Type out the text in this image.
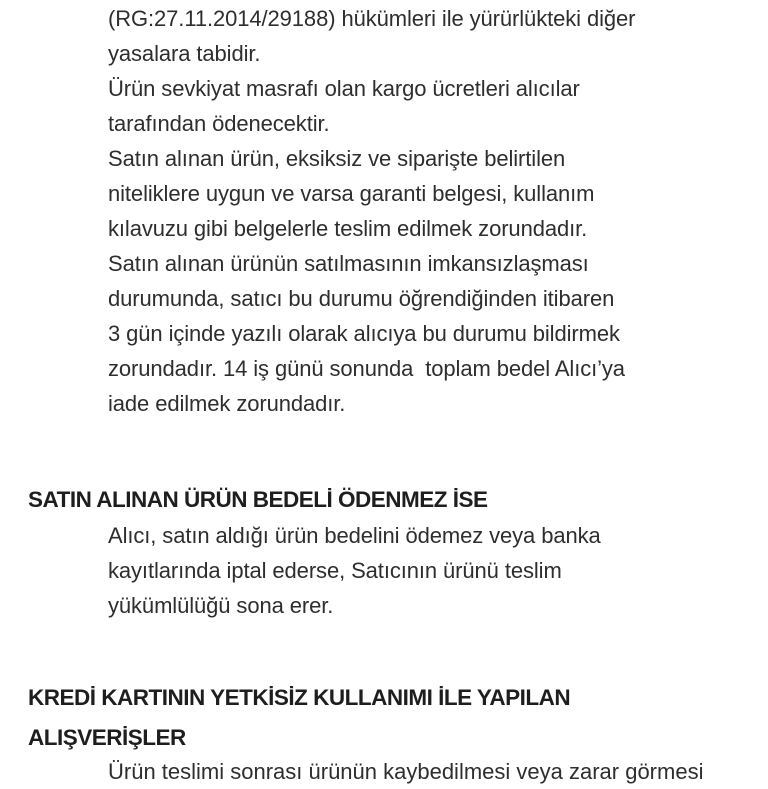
(RG:27.11.2014/29188) hükümleri ile yürürlükteki diğer
yasalara tabidir.
Ürün sevkiyat masrafı olan kargo ücretleri alıcılar
tarafından ödenecektir.
Satın alınan ürün, eksiksiz ve siparişte belirtilen
niteliklere uygun ve varsa garanti belgesi, kullanım
kılavuzu gibi belgelerle teslim edilmek zorundadır.
Satın alınan ürünün satılmasının imkansızlaşması
durumunda, satıcı bu durumu öğrendiğinden itibaren
3 gün içinde yazılı olarak alıcıya bu durumu bildirmek
zorundadır. 14 iş günü sonunda  toplam bedel Alıcı’ya
iade edilmek zorundadır.
SATIN ALINAN ÜRÜN BEDELİ ÖDENMEZ İSE
Alıcı, satın aldığı ürün bedelini ödemez veya banka
kayıtlarında iptal ederse, Satıcının ürünü teslim
yükümlülüğü sona erer.
KREDİ KARTININ YETKİSİZ KULLANIMI İLE YAPILAN
ALIŞVERİŞLER
Ürün teslimi sonrası ürünün kaybedilmesi veya zarar görmesi
